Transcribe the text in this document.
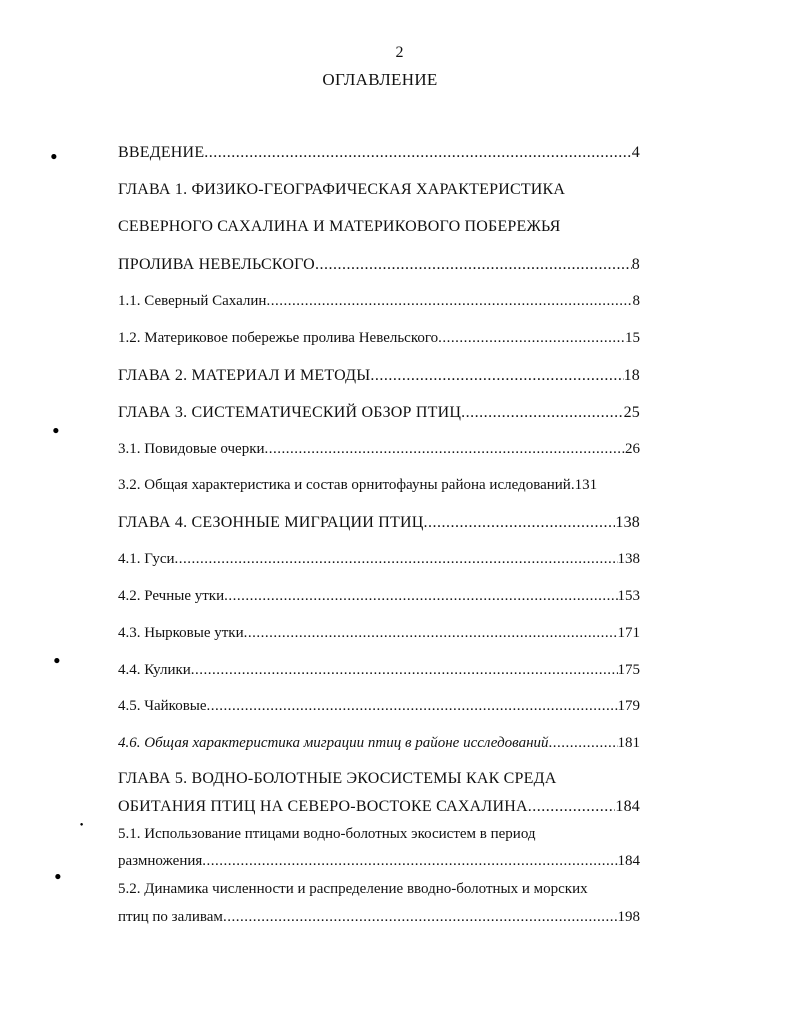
2
ОГЛАВЛЕНИЕ
●
●
●
●
●
ВВЕДЕНИЕ .....	4
ГЛАВА 1. ФИЗИКО-ГЕОГРАФИЧЕСКАЯ ХАРАКТЕРИСТИКА
СЕВЕРНОГО САХАЛИНА И МАТЕРИКОВОГО ПОБЕРЕЖЬЯ
ПРОЛИВА НЕВЕЛЬСКОГО .....	8
1.1. Северный Сахалин .....	8
1.2. Материковое побережье пролива Невельского .....	15
ГЛАВА 2. МАТЕРИАЛ И МЕТОДЫ .....	18
ГЛАВА 3. СИСТЕМАТИЧЕСКИЙ ОБЗОР ПТИЦ .....	25
3.1. Повидовые очерки .....	26
3.2. Общая характеристика и состав орнитофауны района иследований. 131
ГЛАВА 4. СЕЗОННЫЕ МИГРАЦИИ ПТИЦ .....	138
4.1. Гуси .....	138
4.2. Речные утки .....	153
4.3. Нырковые утки .....	171
4.4. Кулики .....	175
4.5. Чайковые .....	179
4.6. Общая характеристика миграции птиц в районе исследований .....	181
ГЛАВА 5. ВОДНО-БОЛОТНЫЕ ЭКОСИСТЕМЫ КАК СРЕДА
ОБИТАНИЯ ПТИЦ НА СЕВЕРО-ВОСТОКЕ САХАЛИНА .....	184
5.1. Использование птицами водно-болотных экосистем в период
размножения .....	184
5.2. Динамика численности и распределение вводно-болотных и морских
птиц по заливам .....	198
